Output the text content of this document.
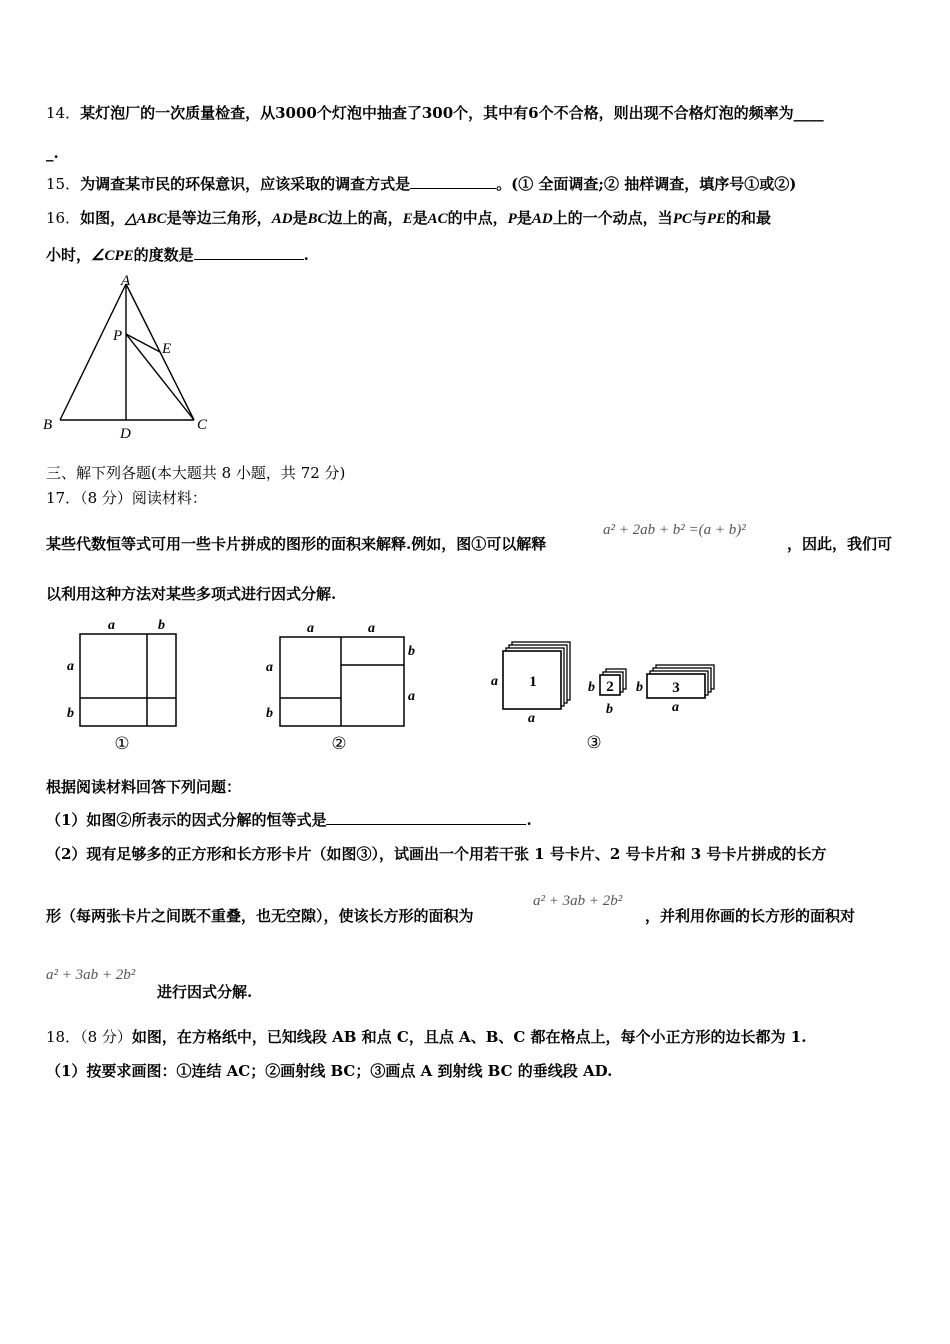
14．某灯泡厂的一次质量检查，从3000个灯泡中抽查了300个，其中有6个不合格，则出现不合格灯泡的频率为____
_.
15．为调查某市民的环保意识，应该采取的调查方式是	。(① 全面调查;② 抽样调查，填序号①或②)
16．如图，△ABC是等边三角形，AD是BC边上的高，E是AC的中点，P是AD上的一个动点，当PC与PE的和最
小时，∠CPE的度数是	.
A
B	C
D
E
P
三、解下列各题(本大题共 8 小题，共 72 分)
17．（8 分）阅读材料：
某些代数恒等式可用一些卡片拼成的图形的面积来解释.例如，图①可以解释
a² + 2ab + b² =(a + b)²
，因此，我们可
以利用这种方法对某些多项式进行因式分解.
a	b
a
b
①
a	a
a
b
b
a
②
1	2	3
a
a
b
b
b
a
③
根据阅读材料回答下列问题：
（1）如图②所表示的因式分解的恒等式是	.
（2）现有足够多的正方形和长方形卡片（如图③），试画出一个用若干张 1 号卡片、2 号卡片和 3 号卡片拼成的长方
形（每两张卡片之间既不重叠，也无空隙），使该长方形的面积为
a² + 3ab + 2b²
，并利用你画的长方形的面积对
a² + 3ab + 2b²
进行因式分解.
18．（8 分）如图，在方格纸中，已知线段 AB 和点 C，且点 A、B、C 都在格点上，每个小正方形的边长都为 1.
（1）按要求画图：①连结 AC；②画射线 BC；③画点 A 到射线 BC 的垂线段 AD.
